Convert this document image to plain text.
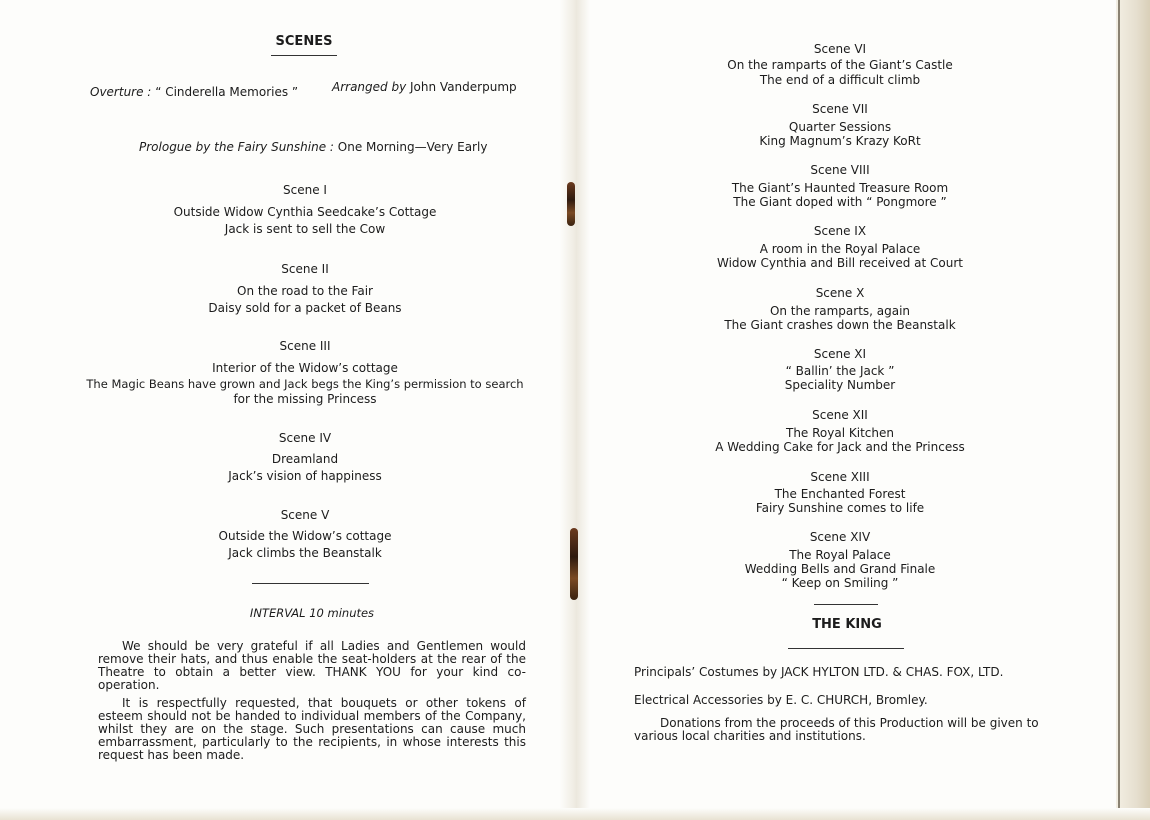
SCENES
Overture : “ Cinderella Memories ”	Arranged by John Vanderpump
Prologue by the Fairy Sunshine : One Morning—Very Early
Scene I
Outside Widow Cynthia Seedcake’s Cottage
Jack is sent to sell the Cow
Scene II
On the road to the Fair
Daisy sold for a packet of Beans
Scene III
Interior of the Widow’s cottage
The Magic Beans have grown and Jack begs the King’s permission to search
for the missing Princess
Scene IV
Dreamland
Jack’s vision of happiness
Scene V
Outside the Widow’s cottage
Jack climbs the Beanstalk
INTERVAL 10 minutes
We should be very grateful if all Ladies and Gentlemen would remove their hats, and thus enable the seat-holders at the rear of the Theatre to obtain a better view. THANK YOU for your kind co-operation.
It is respectfully requested, that bouquets or other tokens of esteem should not be handed to individual members of the Company, whilst they are on the stage. Such presentations can cause much embarrassment, particularly to the recipients, in whose interests this request has been made.
Scene VI
On the ramparts of the Giant’s Castle
The end of a difficult climb
Scene VII
Quarter Sessions
King Magnum’s Krazy KoRt
Scene VIII
The Giant’s Haunted Treasure Room
The Giant doped with “ Pongmore ”
Scene IX
A room in the Royal Palace
Widow Cynthia and Bill received at Court
Scene X
On the ramparts, again
The Giant crashes down the Beanstalk
Scene XI
“ Ballin’ the Jack ”
Speciality Number
Scene XII
The Royal Kitchen
A Wedding Cake for Jack and the Princess
Scene XIII
The Enchanted Forest
Fairy Sunshine comes to life
Scene XIV
The Royal Palace
Wedding Bells and Grand Finale
“ Keep on Smiling ”
THE KING
Principals’ Costumes by JACK HYLTON LTD. & CHAS. FOX, LTD.
Electrical Accessories by E. C. CHURCH, Bromley.
Donations from the proceeds of this Production will be given to various local charities and institutions.
